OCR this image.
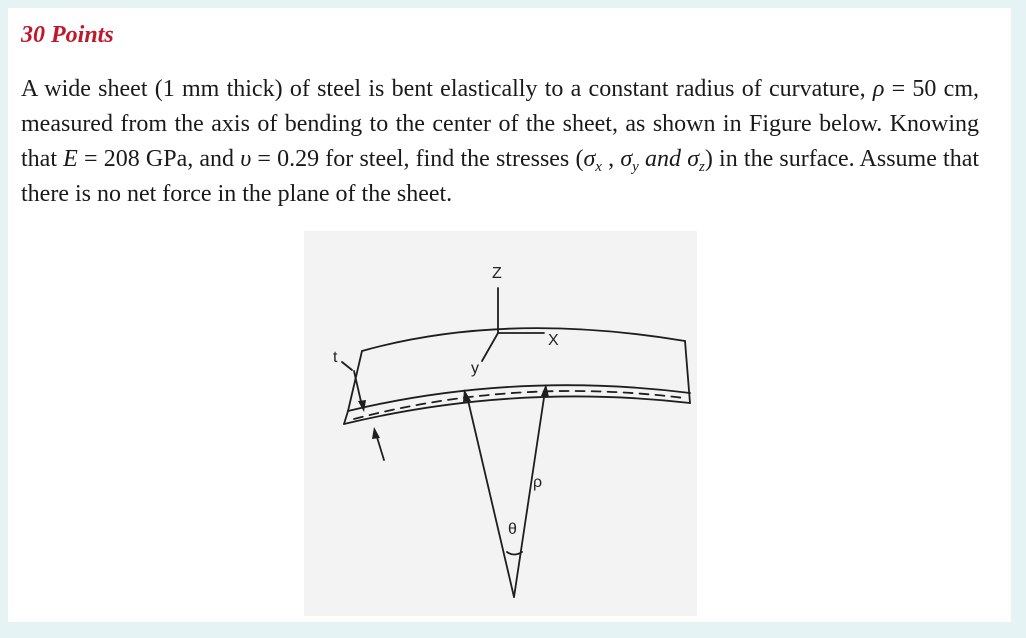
30 Points
A wide sheet (1 mm thick) of steel is bent elastically to a constant radius of curvature, ρ = 50 cm, measured from the axis of bending to the center of the sheet, as shown in Figure below. Knowing that E = 208 GPa, and υ = 0.29 for steel, find the stresses ($\sigma_x$ , $\sigma_y$ and $\sigma_z$) in the surface. Assume that there is no net force in the plane of the sheet.
Z
X
y
t
ρ
θ
